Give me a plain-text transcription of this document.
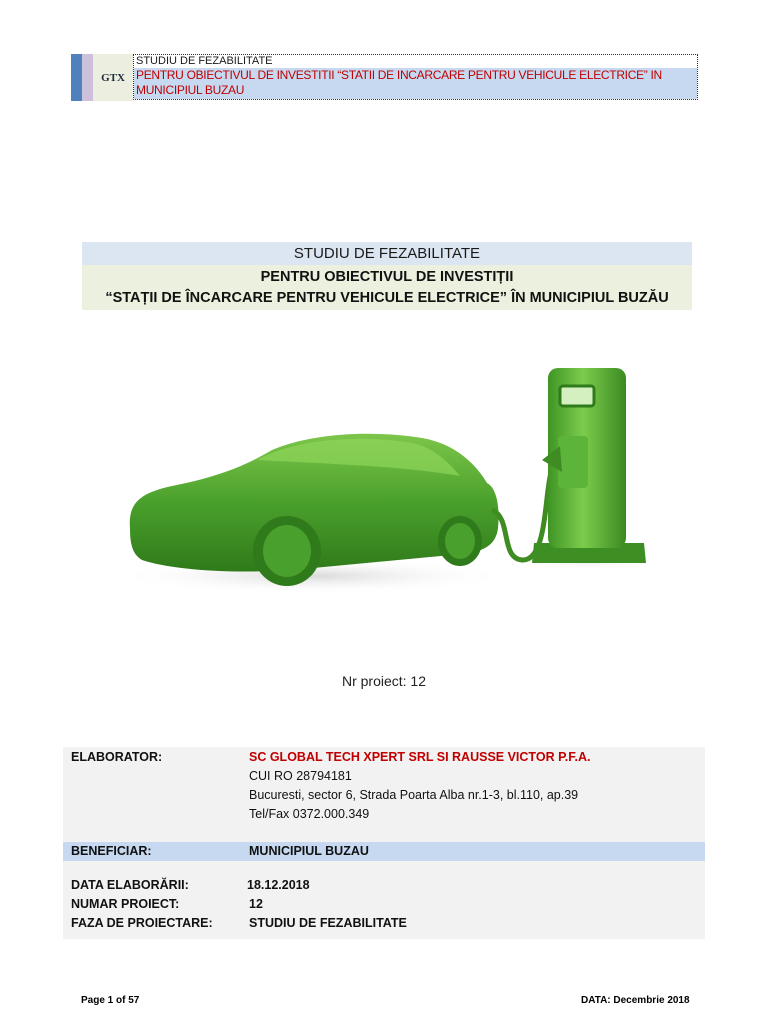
GTX
STUDIU DE FEZABILITATE
PENTRU OBIECTIVUL DE INVESTITII “STATII DE INCARCARE PENTRU VEHICULE ELECTRICE” IN MUNICIPIUL BUZAU
STUDIU DE FEZABILITATE
PENTRU OBIECTIVUL DE INVESTIȚII
“STAȚII DE ÎNCARCARE PENTRU VEHICULE ELECTRICE” ÎN MUNICIPIUL BUZĂU
Nr proiect: 12
ELABORATOR:	SC GLOBAL TECH XPERT SRL SI RAUSSE VICTOR P.F.A.
CUI RO 28794181
Bucuresti, sector 6, Strada Poarta Alba nr.1-3, bl.110, ap.39
Tel/Fax 0372.000.349
BENEFICIAR:	MUNICIPIUL BUZAU
DATA ELABORĂRII:	18.12.2018
NUMAR PROIECT:	12
FAZA DE PROIECTARE:	STUDIU DE FEZABILITATE
Page 1 of 57	DATA: Decembrie 2018
